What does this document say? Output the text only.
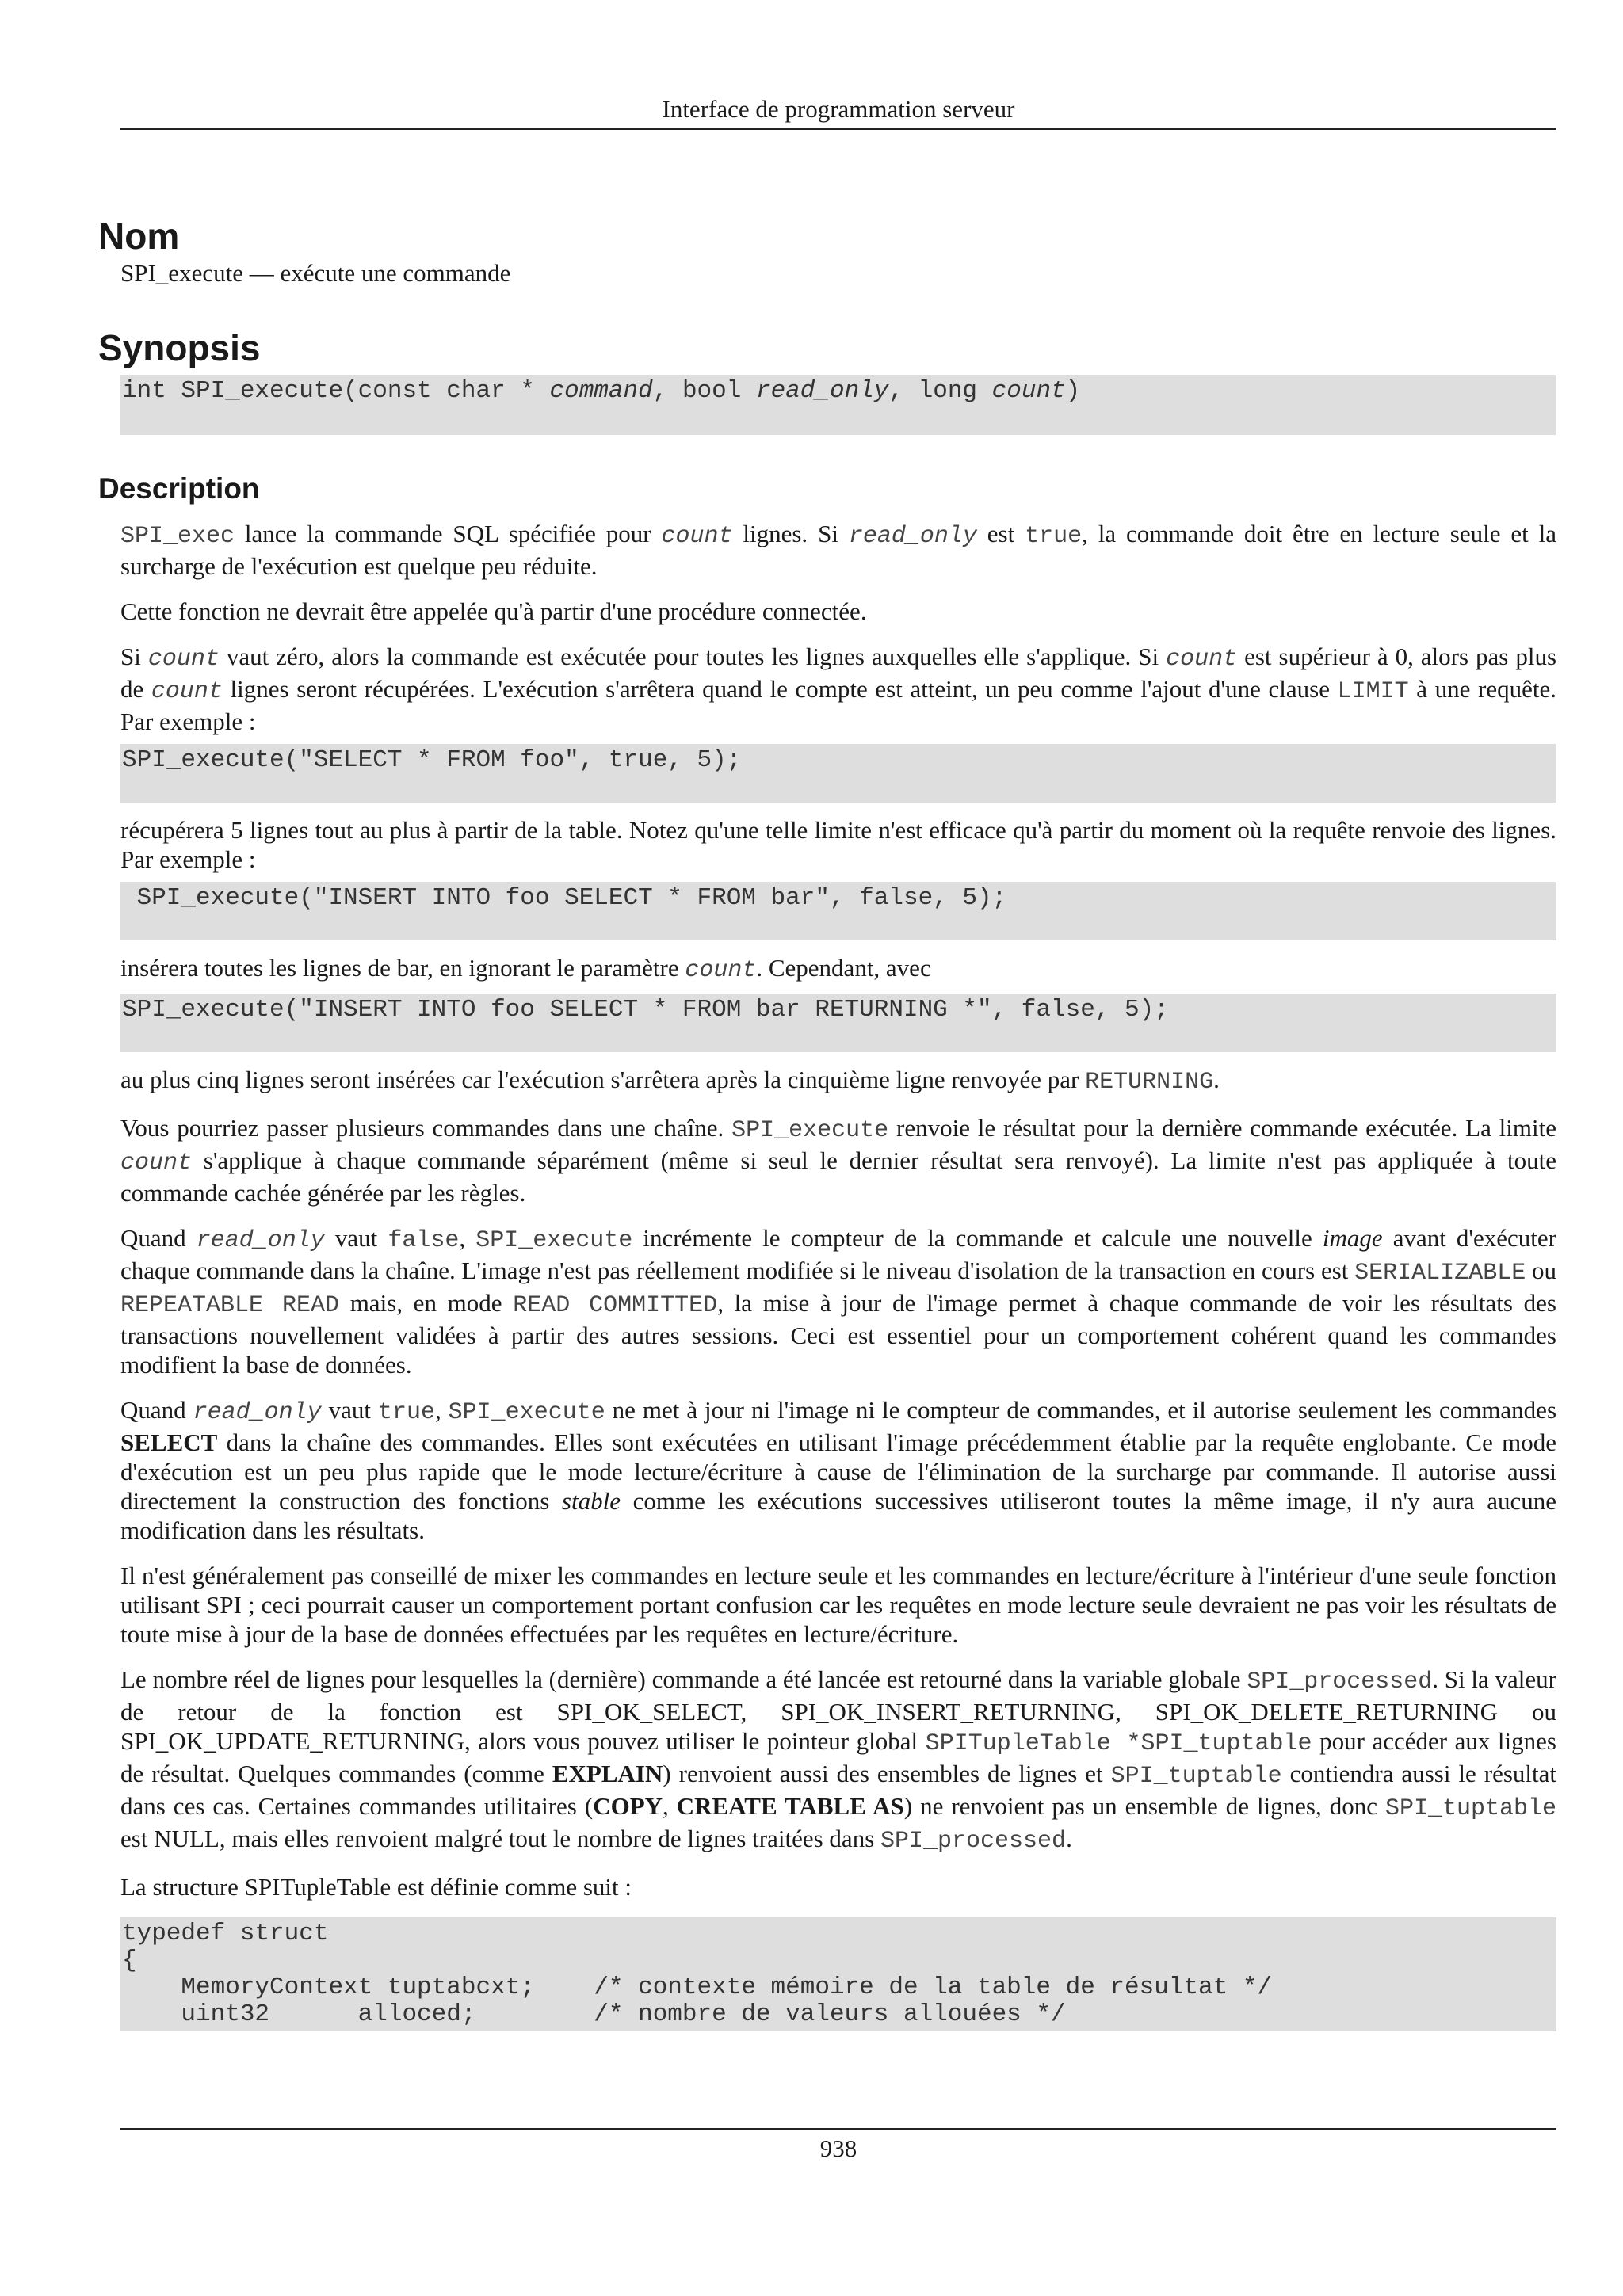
Interface de programmation serveur
Nom
SPI_execute — exécute une commande
Synopsis
int SPI_execute(const char * command, bool read_only, long count)
Description

SPI_exec lance la commande SQL spécifiée pour count lignes. Si read_only est true, la commande doit être en lecture seule et la surcharge de l'exécution est quelque peu réduite.

Cette fonction ne devrait être appelée qu'à partir d'une procédure connectée.

Si count vaut zéro, alors la commande est exécutée pour toutes les lignes auxquelles elle s'applique. Si count est supérieur à 0, alors pas plus de count lignes seront récupérées. L'exécution s'arrêtera quand le compte est atteint, un peu comme l'ajout d'une clause LIMIT à une requête. Par exemple :

SPI_execute("SELECT * FROM foo", true, 5);

récupérera 5 lignes tout au plus à partir de la table. Notez qu'une telle limite n'est efficace qu'à partir du moment où la requête renvoie des lignes. Par exemple :

SPI_execute("INSERT INTO foo SELECT * FROM bar", false, 5);

insérera toutes les lignes de bar, en ignorant le paramètre count. Cependant, avec

SPI_execute("INSERT INTO foo SELECT * FROM bar RETURNING *", false, 5);

au plus cinq lignes seront insérées car l'exécution s'arrêtera après la cinquième ligne renvoyée par RETURNING.

Vous pourriez passer plusieurs commandes dans une chaîne. SPI_execute renvoie le résultat pour la dernière commande exécutée. La limite count s'applique à chaque commande séparément (même si seul le dernier résultat sera renvoyé). La limite n'est pas appliquée à toute commande cachée générée par les règles.

Quand read_only vaut false, SPI_execute incrémente le compteur de la commande et calcule une nouvelle image avant d'exécuter chaque commande dans la chaîne. L'image n'est pas réellement modifiée si le niveau d'isolation de la transaction en cours est SERIALIZABLE ou REPEATABLE READ mais, en mode READ COMMITTED, la mise à jour de l'image permet à chaque commande de voir les résultats des transactions nouvellement validées à partir des autres sessions. Ceci est essentiel pour un comportement cohérent quand les commandes modifient la base de données.

Quand read_only vaut true, SPI_execute ne met à jour ni l'image ni le compteur de commandes, et il autorise seulement les commandes SELECT dans la chaîne des commandes. Elles sont exécutées en utilisant l'image précédemment établie par la requête englobante. Ce mode d'exécution est un peu plus rapide que le mode lecture/écriture à cause de l'élimination de la surcharge par commande. Il autorise aussi directement la construction des fonctions stable comme les exécutions successives utiliseront toutes la même image, il n'y aura aucune modification dans les résultats.

Il n'est généralement pas conseillé de mixer les commandes en lecture seule et les commandes en lecture/écriture à l'intérieur d'une seule fonction utilisant SPI ; ceci pourrait causer un comportement portant confusion car les requêtes en mode lecture seule devraient ne pas voir les résultats de toute mise à jour de la base de données effectuées par les requêtes en lecture/écriture.

Le nombre réel de lignes pour lesquelles la (dernière) commande a été lancée est retourné dans la variable globale SPI_processed. Si la valeur de retour de la fonction est SPI_OK_SELECT, SPI_OK_INSERT_RETURNING, SPI_OK_DELETE_RETURNING ou SPI_OK_UPDATE_RETURNING, alors vous pouvez utiliser le pointeur global SPITupleTable *SPI_tuptable pour accéder aux lignes de résultat. Quelques commandes (comme EXPLAIN) renvoient aussi des ensembles de lignes et SPI_tuptable contiendra aussi le résultat dans ces cas. Certaines commandes utilitaires (COPY, CREATE TABLE AS) ne renvoient pas un ensemble de lignes, donc SPI_tuptable est NULL, mais elles renvoient malgré tout le nombre de lignes traitées dans SPI_processed.

La structure SPITupleTable est définie comme suit :

typedef struct
{
MemoryContext tuptabcxt;    /* contexte mémoire de la table de résultat */
uint32      alloced;        /* nombre de valeurs allouées */
938
